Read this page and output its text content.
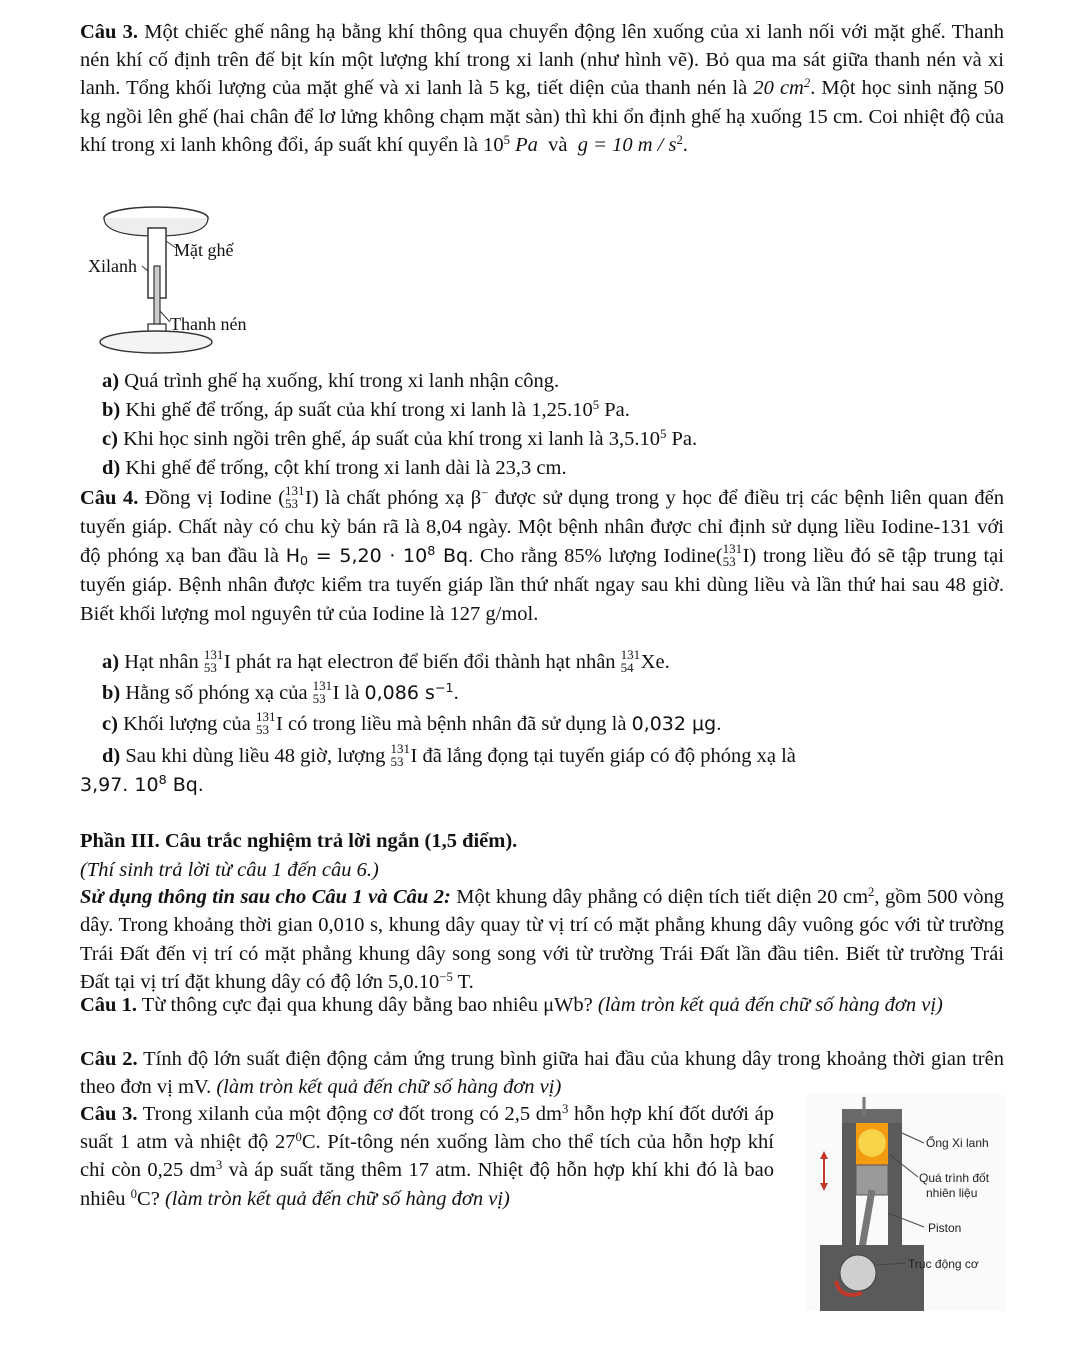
Câu 3. Một chiếc ghế nâng hạ bằng khí thông qua chuyển động lên xuống của xi lanh nối với mặt ghế. Thanh nén khí cố định trên đế bịt kín một lượng khí trong xi lanh (như hình vẽ). Bỏ qua ma sát giữa thanh nén và xi lanh. Tổng khối lượng của mặt ghế và xi lanh là 5 kg, tiết diện của thanh nén là 20 $cm^2$. Một học sinh nặng 50 kg ngồi lên ghế (hai chân để lơ lửng không chạm mặt sàn) thì khi ổn định ghế hạ xuống 15 cm. Coi nhiệt độ của khí trong xi lanh không đổi, áp suất khí quyển là $10^5$ Pa và g = 10 m / $s^2$.

Xilanh
Mặt ghế
Thanh nén

a) Quá trình ghế hạ xuống, khí trong xi lanh nhận công.

b) Khi ghế để trống, áp suất của khí trong xi lanh là 1,25.10$^5$ Pa.

c) Khi học sinh ngồi trên ghế, áp suất của khí trong xi lanh là 3,5.10$^5$ Pa.

d) Khi ghế để trống, cột khí trong xi lanh dài là 23,3 cm.

Câu 4. Đồng vị Iodine ( 131
53 I) là chất phóng xạ β− được sử dụng trong y học để điều trị các bệnh liên quan đến tuyến giáp. Chất này có chu kỳ bán rã là 8,04 ngày. Một bệnh nhân được chỉ định sử dụng liều Iodine-131 với độ phóng xạ ban đầu là $H_0 = 5,20 \cdot 10^8$ Bq. Cho rằng 85% lượng Iodine( 131
53 I) trong liều đó sẽ tập trung tại tuyến giáp. Bệnh nhân được kiểm tra tuyến giáp lần thứ nhất ngay sau khi dùng liều và lần thứ hai sau 48 giờ. Biết khối lượng mol nguyên tử của Iodine là 127 g/mol.

a) Hạt nhân 131
53 I phát ra hạt electron để biến đổi thành hạt nhân 131
54 Xe.

b) Hằng số phóng xạ của 131
53 I là 0,086 $s^{-1}$.

c) Khối lượng của 131
53 I có trong liều mà bệnh nhân đã sử dụng là 0,032 μg.

d) Sau khi dùng liều 48 giờ, lượng 131
53 I đã lắng đọng tại tuyến giáp có độ phóng xạ là

3,97. $10^8$ Bq.

Phần III. Câu trắc nghiệm trả lời ngắn (1,5 điểm).

(Thí sinh trả lời từ câu 1 đến câu 6.)

Sử dụng thông tin sau cho Câu 1 và Câu 2: Một khung dây phẳng có diện tích tiết diện 20 $cm^2$, gồm 500 vòng dây. Trong khoảng thời gian 0,010 s, khung dây quay từ vị trí có mặt phẳng khung dây vuông góc với từ trường Trái Đất đến vị trí có mặt phẳng khung dây song song với từ trường Trái Đất lần đầu tiên. Biết từ trường Trái Đất tại vị trí đặt khung dây có độ lớn $5,0.10^{-5}$ T.

Câu 1. Từ thông cực đại qua khung dây bằng bao nhiêu μWb? (làm tròn kết quả đến chữ số hàng đơn vị)

Câu 2. Tính độ lớn suất điện động cảm ứng trung bình giữa hai đầu của khung dây trong khoảng thời gian trên theo đơn vị mV. (làm tròn kết quả đến chữ số hàng đơn vị)

Câu 3. Trong xilanh của một động cơ đốt trong có 2,5 $dm^3$ hỗn hợp khí đốt dưới áp suất 1 atm và nhiệt độ $27^0C$. Pít-tông nén xuống làm cho thể tích của hỗn hợp khí chỉ còn 0,25 $dm^3$ và áp suất tăng thêm 17 atm. Nhiệt độ hỗn hợp khí khi đó là bao nhiêu $^0$C? (làm tròn kết quả đến chữ số hàng đơn vị)

Ống Xi lanh
Quá trình đốt
nhiên liệu
Piston
Trục động cơ
